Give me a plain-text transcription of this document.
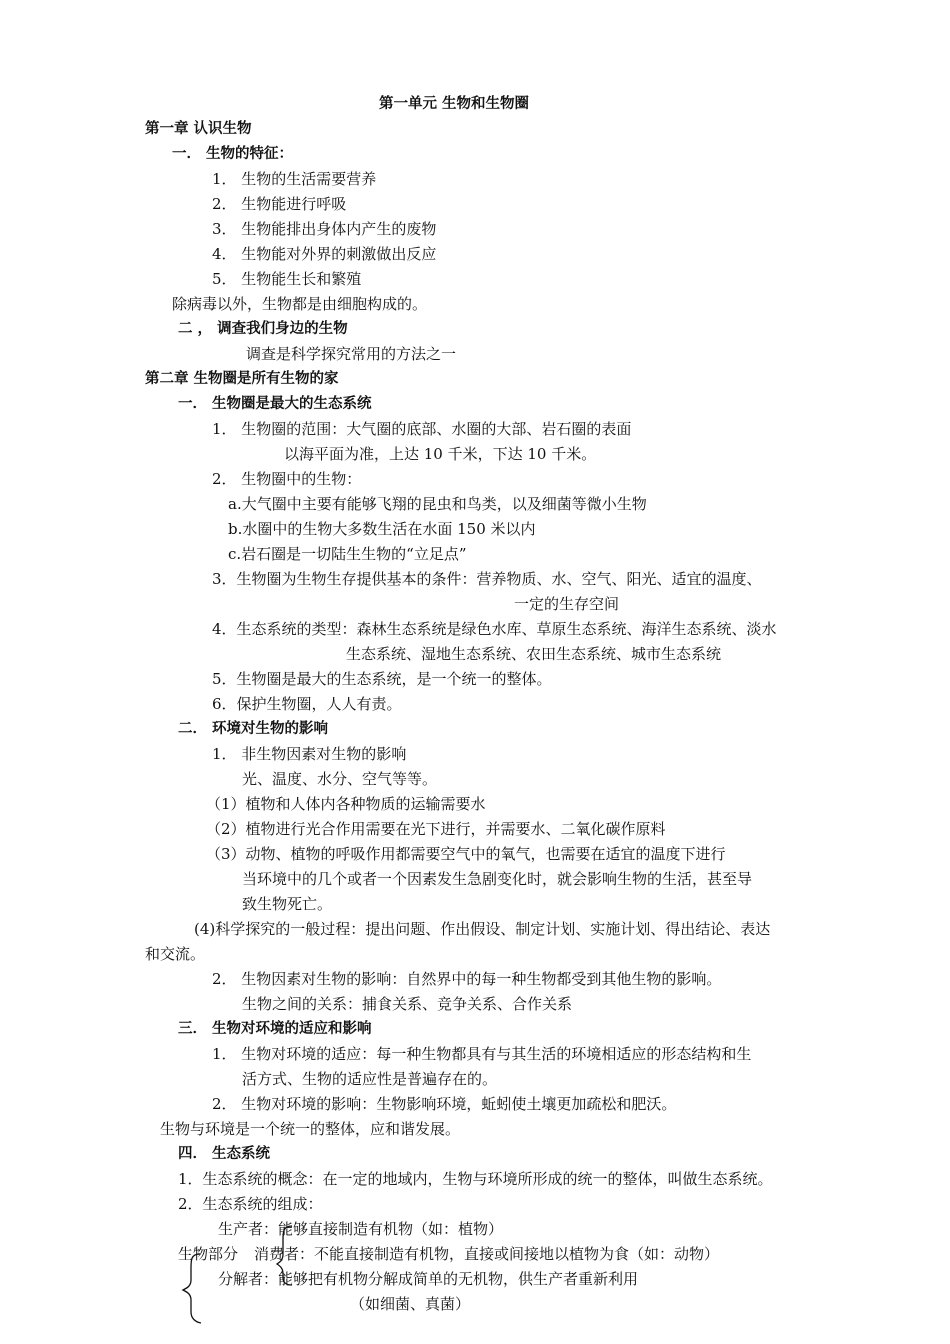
第一单元 生物和生物圈
第一章 认识生物
一． 生物的特征：
1． 生物的生活需要营养
2． 生物能进行呼吸
3． 生物能排出身体内产生的废物
4． 生物能对外界的刺激做出反应
5． 生物能生长和繁殖
除病毒以外，生物都是由细胞构成的。
二 ， 调查我们身边的生物
调查是科学探究常用的方法之一
第二章 生物圈是所有生物的家
一． 生物圈是最大的生态系统
1． 生物圈的范围：大气圈的底部、水圈的大部、岩石圈的表面
以海平面为准，上达 10 千米，下达 10 千米。
2． 生物圈中的生物：
a.大气圈中主要有能够飞翔的昆虫和鸟类，以及细菌等微小生物
b.水圈中的生物大多数生活在水面 150 米以内
c.岩石圈是一切陆生生物的“立足点”
3．生物圈为生物生存提供基本的条件：营养物质、水、空气、阳光、适宜的温度、
一定的生存空间
4．生态系统的类型：森林生态系统是绿色水库、草原生态系统、海洋生态系统、淡水
生态系统、湿地生态系统、农田生态系统、城市生态系统
5．生物圈是最大的生态系统，是一个统一的整体。
6．保护生物圈，人人有责。
二． 环境对生物的影响
1． 非生物因素对生物的影响
光、温度、水分、空气等等。
（1）植物和人体内各种物质的运输需要水
（2）植物进行光合作用需要在光下进行，并需要水、二氧化碳作原料
（3）动物、植物的呼吸作用都需要空气中的氧气，也需要在适宜的温度下进行
当环境中的几个或者一个因素发生急剧变化时，就会影响生物的生活，甚至导
致生物死亡。
(4)科学探究的一般过程：提出问题、作出假设、制定计划、实施计划、得出结论、表达
和交流。
2． 生物因素对生物的影响：自然界中的每一种生物都受到其他生物的影响。
生物之间的关系：捕食关系、竞争关系、合作关系
三． 生物对环境的适应和影响
1． 生物对环境的适应：每一种生物都具有与其生活的环境相适应的形态结构和生
活方式、生物的适应性是普遍存在的。
2． 生物对环境的影响：生物影响环境，蚯蚓使土壤更加疏松和肥沃。
生物与环境是一个统一的整体，应和谐发展。
四． 生态系统
1．生态系统的概念：在一定的地域内，生物与环境所形成的统一的整体，叫做生态系统。
2．生态系统的组成：
生产者：能够直接制造有机物（如：植物）
生物部分 消费者：不能直接制造有机物，直接或间接地以植物为食（如：动物）
分解者：能够把有机物分解成简单的无机物，供生产者重新利用
（如细菌、真菌）
